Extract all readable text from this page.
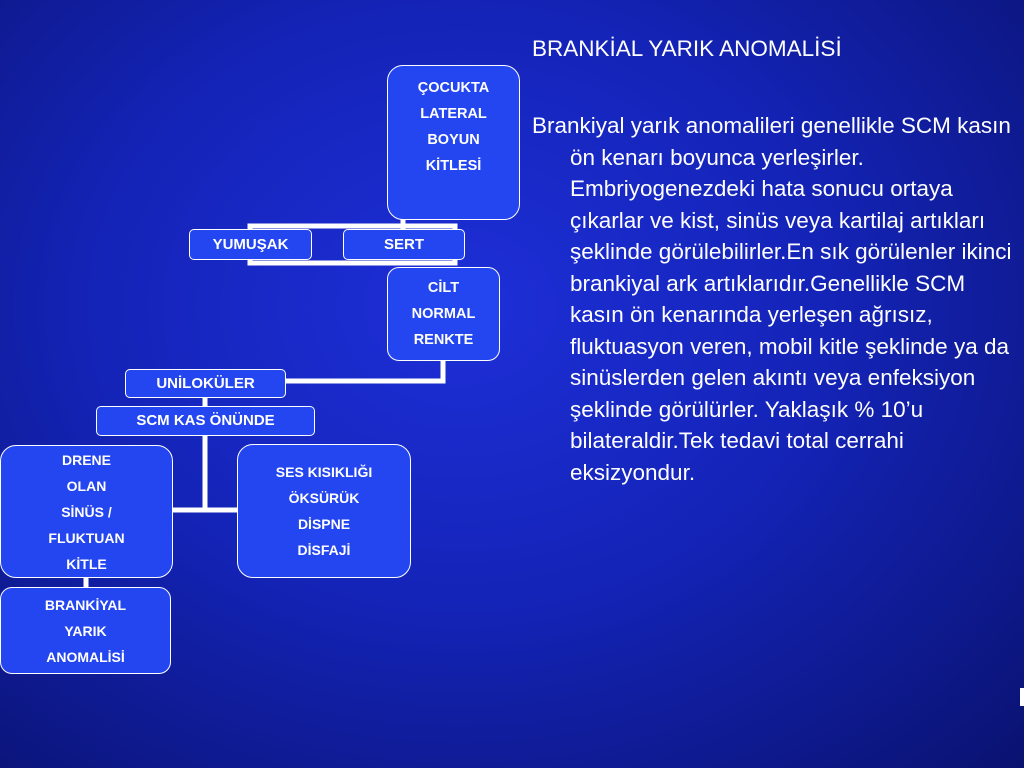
ÇOCUKTA
LATERAL
BOYUN
KİTLESİ
YUMUŞAK	SERT
CİLT
NORMAL
RENKTE
UNİLOKÜLER
SCM KAS ÖNÜNDE
DRENE
OLAN
SİNÜS /
FLUKTUAN
KİTLE
SES KISIKLIĞI
ÖKSÜRÜK
DİSPNE
DİSFAJİ
BRANKİYAL
YARIK
ANOMALİSİ
BRANKİAL YARIK ANOMALİSİ

Brankiyal yarık anomalileri genellikle SCM kasın ön kenarı boyunca yerleşirler. Embriyogenezdeki hata sonucu ortaya çıkarlar ve kist, sinüs veya kartilaj artıkları şeklinde görülebilirler.En sık görülenler ikinci brankiyal ark artıklarıdır.Genellikle SCM kasın ön kenarında yerleşen ağrısız, fluktuasyon veren, mobil kitle şeklinde ya da sinüslerden gelen akıntı veya enfeksiyon şeklinde görülürler. Yaklaşık % 10’u bilateraldir.Tek tedavi total cerrahi eksizyondur.
